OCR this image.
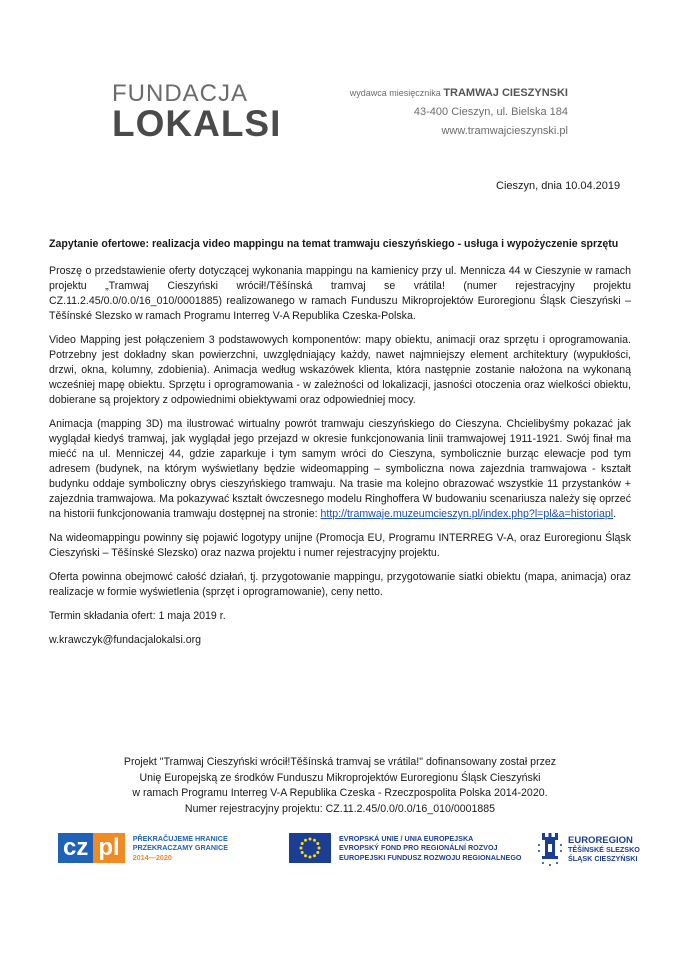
FUNDACJA
LOKALSI
wydawca miesięcznika TRAMWAJ CIESZYNSKI
43-400 Cieszyn, ul. Bielska 184
www.tramwajcieszynski.pl
Cieszyn, dnia 10.04.2019
Zapytanie ofertowe: realizacja video mappingu na temat tramwaju cieszyńskiego - usługa i wypożyczenie sprzętu

Proszę o przedstawienie oferty dotyczącej wykonania mappingu na kamienicy przy ul. Mennicza 44 w Cieszynie w ramach projektu „Tramwaj Cieszyński wrócił!/Těšínská tramvaj se vrátila! (numer rejestracyjny projektu CZ.11.2.45/0.0/0.0/16_010/0001885) realizowanego w ramach Funduszu Mikroprojektów Euroregionu Śląsk Cieszyński – Těšínské Slezsko w ramach Programu Interreg V-A Republika Czeska-Polska.

Video Mapping jest połączeniem 3 podstawowych komponentów: mapy obiektu, animacji oraz sprzętu i oprogramowania. Potrzebny jest dokładny skan powierzchni, uwzględniający każdy, nawet najmniejszy element architektury (wypukłości, drzwi, okna, kolumny, zdobienia). Animacja według wskazówek klienta, która następnie zostanie nałożona na wykonaną wcześniej mapę obiektu. Sprzętu i oprogramowania - w zależności od lokalizacji, jasności otoczenia oraz wielkości obiektu, dobierane są projektory z odpowiednimi obiektywami oraz odpowiedniej mocy.

Animacja (mapping 3D) ma ilustrować wirtualny powrót tramwaju cieszyńskiego do Cieszyna. Chcielibyśmy pokazać jak wyglądał kiedyś tramwaj, jak wyglądał jego przejazd w okresie funkcjonowania linii tramwajowej 1911-1921. Swój finał ma miećć na ul. Menniczej 44, gdzie zaparkuje i tym samym wróci do Cieszyna, symbolicznie burząc elewacje pod tym adresem (budynek, na którym wyświetlany będzie wideomapping – symboliczna nowa zajezdnia tramwajowa - kształt budynku oddaje symboliczny obrys cieszyńskiego tramwaju. Na trasie ma kolejno obrazować wszystkie 11 przystanków + zajezdnia tramwajowa. Ma pokazywać kształt ówczesnego modelu Ringhoffera W budowaniu scenariusza należy się oprzeć na historii funkcjonowania tramwaju dostępnej na stronie: http://tramwaje.muzeumcieszyn.pl/index.php?l=pl&a=historiapl.

Na wideomappingu powinny się pojawić logotypy unijne (Promocja EU, Programu INTERREG V-A, oraz Euroregionu Śląsk Cieszyński – Těšínské Slezsko) oraz nazwa projektu i numer rejestracyjny projektu.

Oferta powinna obejmowć całość działań, tj. przygotowanie mappingu, przygotowanie siatki obiektu (mapa, animacja) oraz realizacje w formie wyświetlenia (sprzęt i oprogramowanie), ceny netto.

Termin składania ofert: 1 maja 2019 r.

w.krawczyk@fundacjalokalsi.org

Projekt "Tramwaj Cieszyński wrócił!Těšínská tramvaj se vrátila!" dofinansowany został przez
Unię Europejską ze środków Funduszu Mikroprojektów Euroregionu Śląsk Cieszyński
w ramach Programu Interreg V-A Republika Czeska - Rzeczpospolita Polska 2014-2020.
Numer rejestracyjny projektu: CZ.11.2.45/0.0/0.0/16_010/0001885
cz pl	PŘEKRAČUJEME HRANICE
PRZEKRACZAMY GRANICE
2014—2020
EVROPSKÁ UNIE / UNIA EUROPEJSKA
EVROPSKÝ FOND PRO REGIONÁLNÍ ROZVOJ
EUROPEJSKI FUNDUSZ ROZWOJU REGIONALNEGO
EUROREGION
TĚŠÍNSKÉ SLEZSKO
ŚLĄSK CIESZYŃSKI
